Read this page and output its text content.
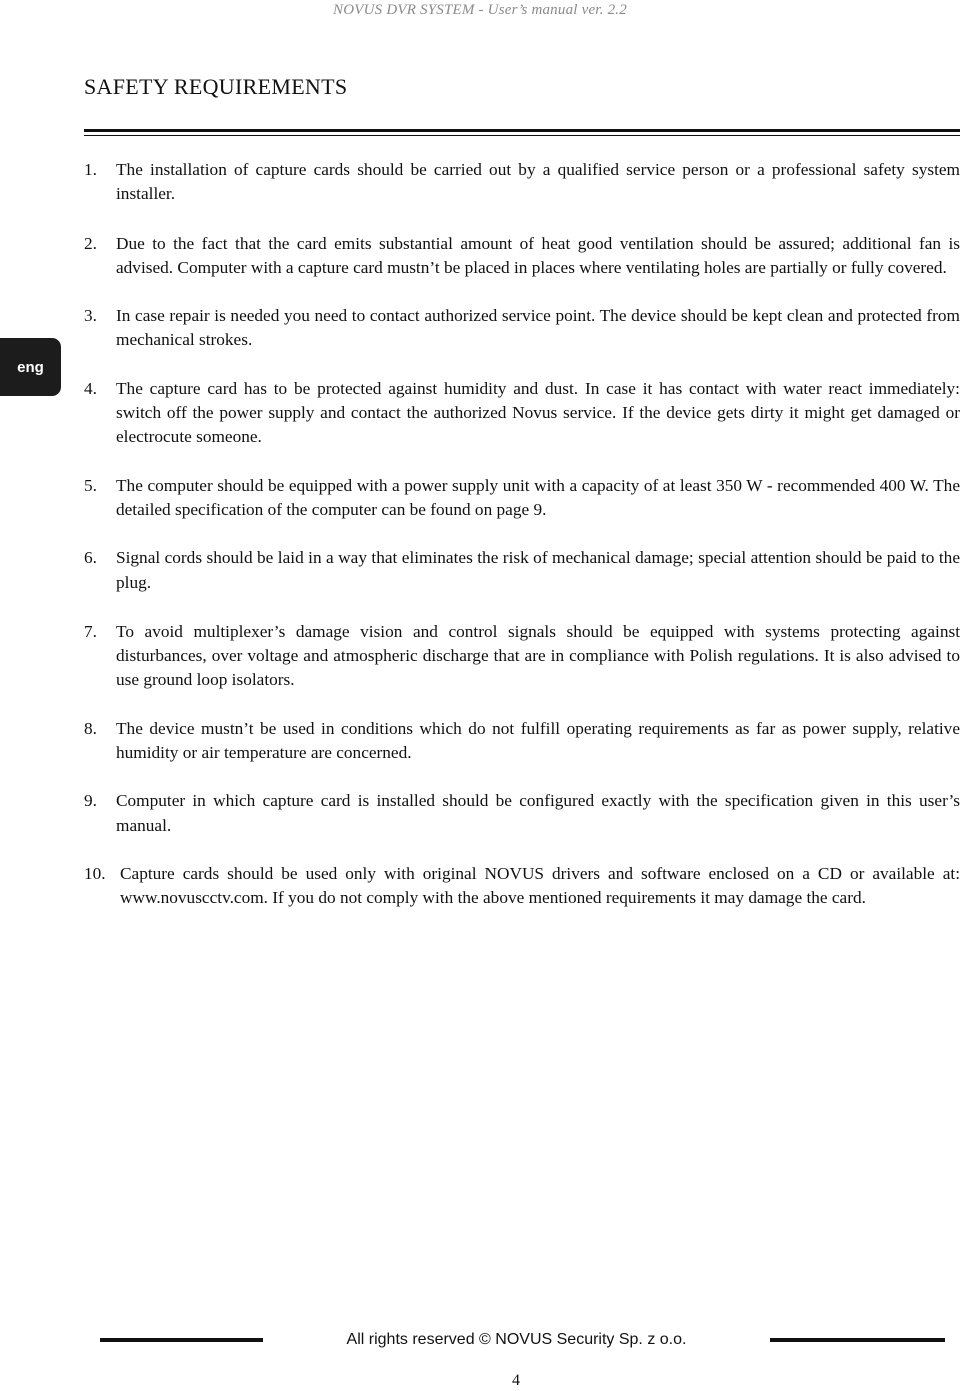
NOVUS DVR SYSTEM - User’s manual ver. 2.2
SAFETY REQUIREMENTS
eng
1. The installation of capture cards should be carried out by a qualified service person or a professional safety system installer.
2. Due to the fact that the card emits substantial amount of heat good ventilation should be assured; additional fan is advised. Computer with a capture card mustn’t be placed in places where ventilating holes are partially or fully covered.
3. In case repair is needed you need to contact authorized service point. The device should be kept clean and protected from mechanical strokes.
4. The capture card has to be protected against humidity and dust. In case it has contact with water react immediately: switch off the power supply and contact the authorized Novus service. If the device gets dirty it might get damaged or electrocute someone.
5. The computer should be equipped with a power supply unit with a capacity of at least 350 W - recommended 400 W. The detailed specification of the computer can be found on page 9.
6. Signal cords should be laid in a way that eliminates the risk of mechanical damage; special attention should be paid to the plug.
7. To avoid multiplexer’s damage vision and control signals should be equipped with systems protecting against disturbances, over voltage and atmospheric discharge that are in compliance with Polish regulations. It is also advised to use ground loop isolators.
8. The device mustn’t be used in conditions which do not fulfill operating requirements as far as power supply, relative humidity or air temperature are concerned.
9. Computer in which capture card is installed should be configured exactly with the specification given in this user’s manual.
10. Capture cards should be used only with original NOVUS drivers and software enclosed on a CD or available at: www.novuscctv.com. If you do not comply with the above mentioned requirements it may damage the card.
All rights reserved © NOVUS Security Sp. z o.o.
4
